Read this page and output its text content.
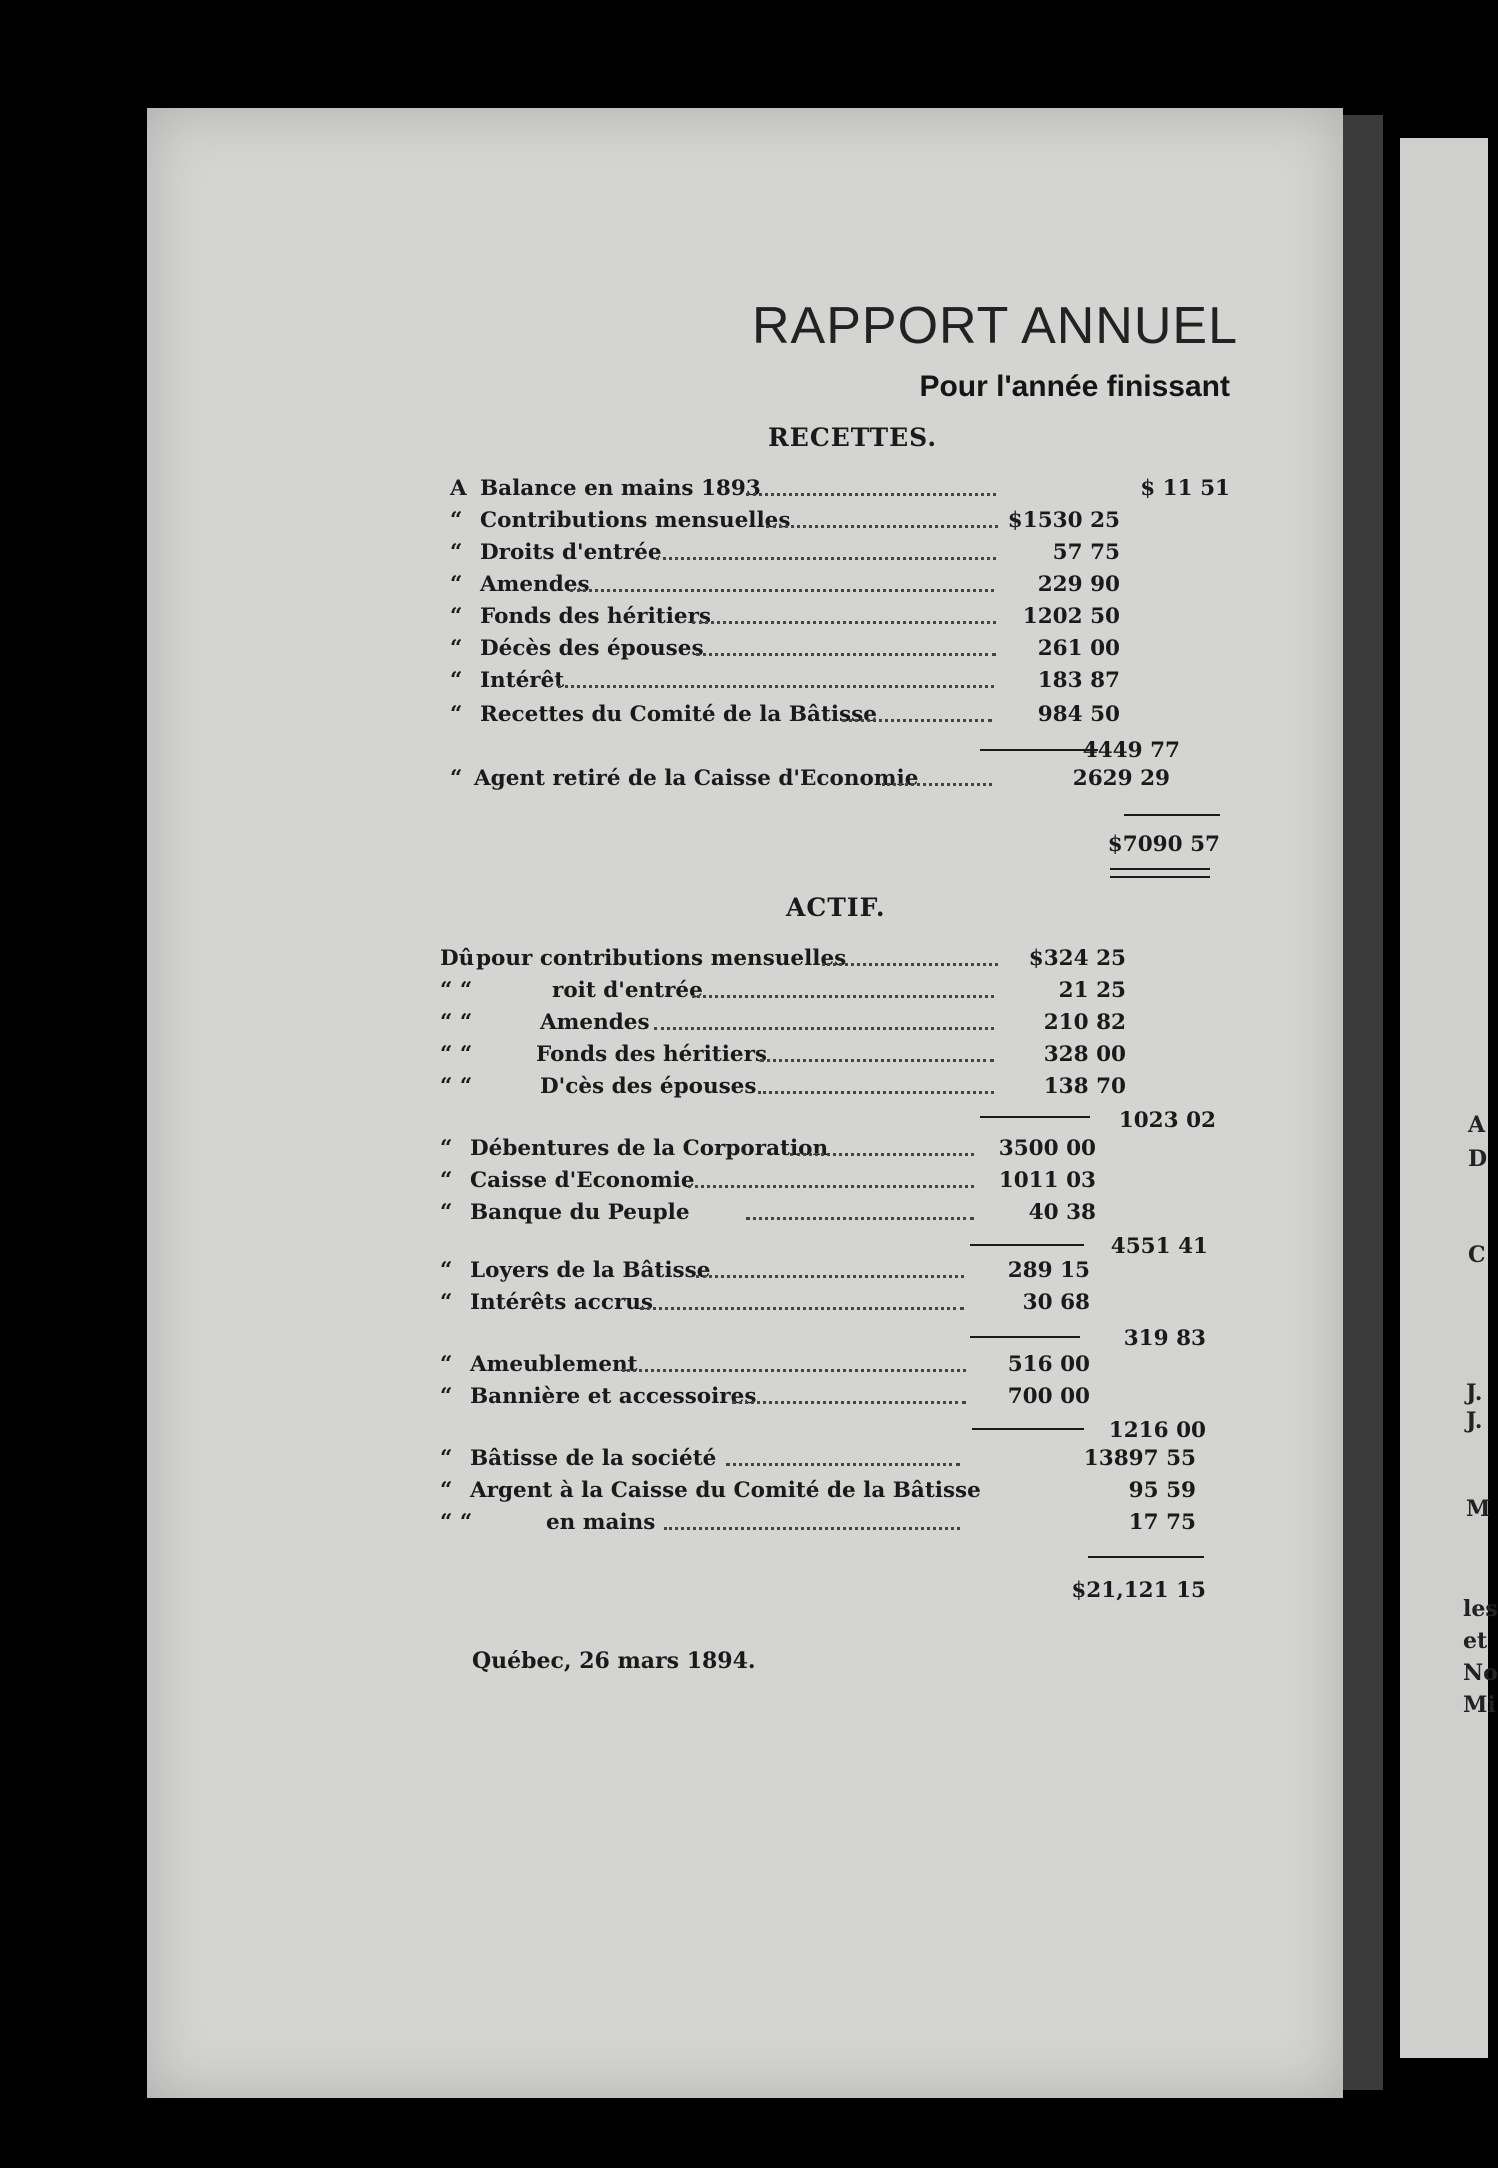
A
D
C
J.
J.
M
les
et
No
Mi
RAPPORT ANNUEL
Pour l'année finissant
RECETTES.
A Balance en mains 1893	$ 11 51
“ Contributions mensuelles	$1530 25
“ Droits d'entrée	57 75
“ Amendes	229 90
“ Fonds des héritiers	1202 50
“ Décès des épouses	261 00
“ Intérêt	183 87
“ Recettes du Comité de la Bâtisse	984 50
4449 77
“ Agent retiré de la Caisse d'Economie	2629 29
$7090 57
ACTIF.
Dû pour contributions mensuelles	$324 25
“ “	roit d'entrée	21 25
“ “	Amendes	210 82
“ “	Fonds des héritiers	328 00
“ “	D'cès des épouses	138 70
1023 02
“ Débentures de la Corporation	3500 00
“ Caisse d'Economie	1011 03
“ Banque du Peuple	40 38
4551 41
“ Loyers de la Bâtisse	289 15
“ Intérêts accrus	30 68
319 83
“ Ameublement	516 00
“ Bannière et accessoires	700 00
1216 00
“ Bâtisse de la société	13897 55
“ Argent à la Caisse du Comité de la Bâtisse	95 59
“ “	en mains	17 75
$21,121 15
Québec, 26 mars 1894.
